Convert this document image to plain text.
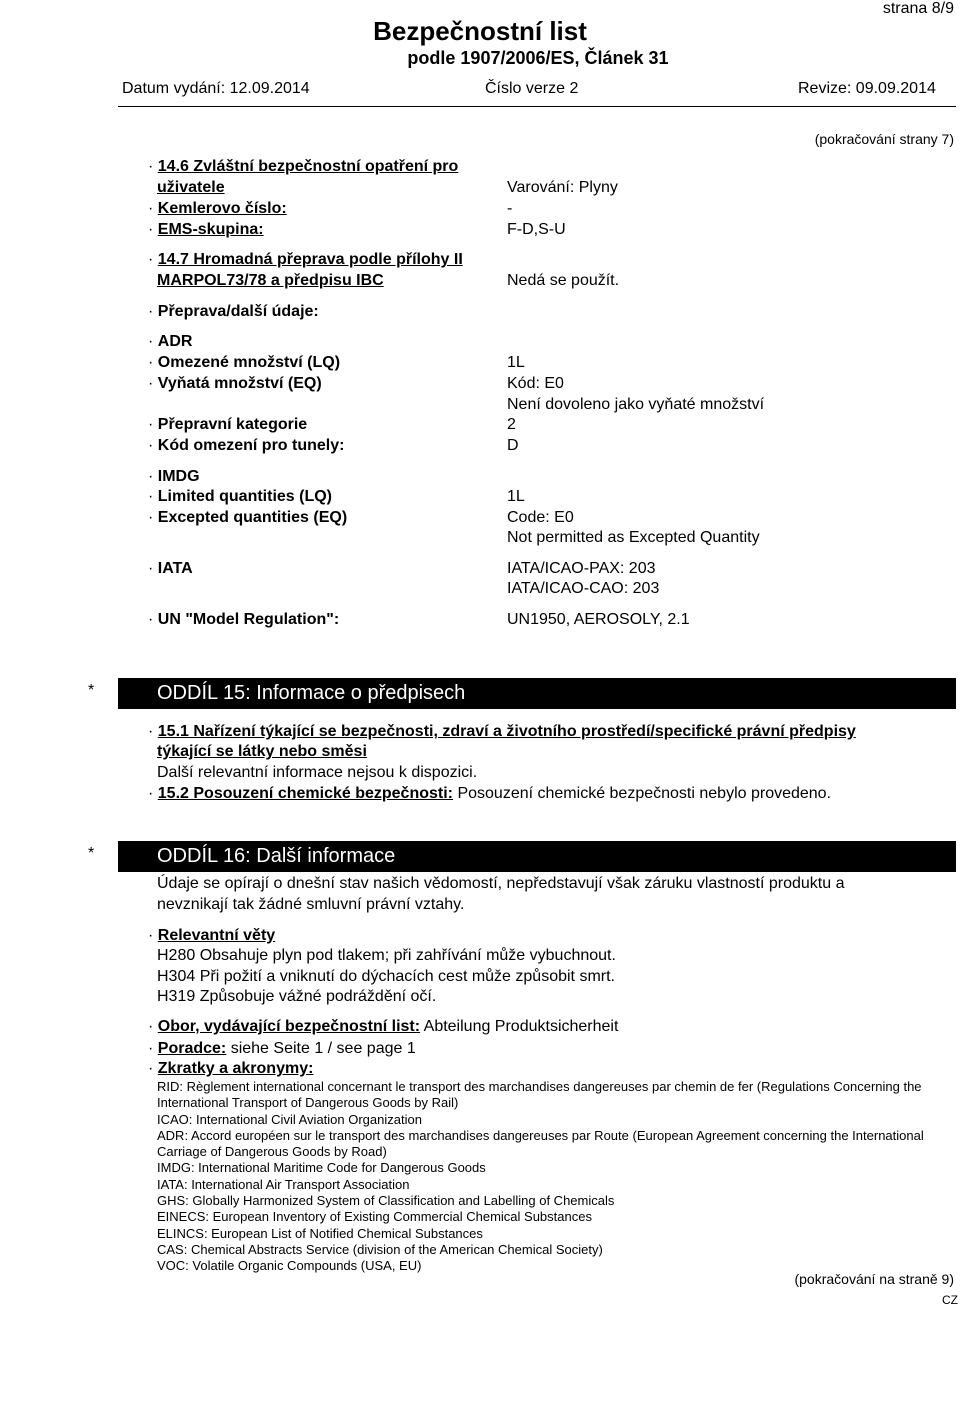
strana 8/9
Bezpečnostní list
podle 1907/2006/ES, Článek 31
Datum vydání: 12.09.2014	Číslo verze 2	Revize: 09.09.2014
(pokračování strany 7)
· 14.6 Zvláštní bezpečnostní opatření pro
uživatele	Varování: Plyny
· Kemlerovo číslo:	-
· EMS-skupina:	F-D,S-U
· 14.7 Hromadná přeprava podle přílohy II
MARPOL73/78 a předpisu IBC	Nedá se použít.
· Přeprava/další údaje:
· ADR
· Omezené množství (LQ)	1L
· Vyňatá množství (EQ)	Kód: E0
Není dovoleno jako vyňaté množství
· Přepravní kategorie	2
· Kód omezení pro tunely:	D
· IMDG
· Limited quantities (LQ)	1L
· Excepted quantities (EQ)	Code: E0
Not permitted as Excepted Quantity
· IATA	IATA/ICAO-PAX: 203
IATA/ICAO-CAO: 203
· UN "Model Regulation":	UN1950, AEROSOLY, 2.1
*	ODDÍL 15: Informace o předpisech
· 15.1 Nařízení týkající se bezpečnosti, zdraví a životního prostředí/specifické právní předpisy
týkající se látky nebo směsi
Další relevantní informace nejsou k dispozici.
· 15.2 Posouzení chemické bezpečnosti: Posouzení chemické bezpečnosti nebylo provedeno.
*	ODDÍL 16: Další informace
Údaje se opírají o dnešní stav našich vědomostí, nepředstavují však záruku vlastností produktu a
nevznikají tak žádné smluvní právní vztahy.
· Relevantní věty
H280 Obsahuje plyn pod tlakem; při zahřívání může vybuchnout.
H304 Při požití a vniknutí do dýchacích cest může způsobit smrt.
H319 Způsobuje vážné podráždění očí.
· Obor, vydávající bezpečnostní list: Abteilung Produktsicherheit
· Poradce: siehe Seite 1 / see page 1
· Zkratky a akronymy:
RID: Règlement international concernant le transport des marchandises dangereuses par chemin de fer (Regulations Concerning the International Transport of Dangerous Goods by Rail)
ICAO: International Civil Aviation Organization
ADR: Accord européen sur le transport des marchandises dangereuses par Route (European Agreement concerning the International Carriage of Dangerous Goods by Road)
IMDG: International Maritime Code for Dangerous Goods
IATA: International Air Transport Association
GHS: Globally Harmonized System of Classification and Labelling of Chemicals
EINECS: European Inventory of Existing Commercial Chemical Substances
ELINCS: European List of Notified Chemical Substances
CAS: Chemical Abstracts Service (division of the American Chemical Society)
VOC: Volatile Organic Compounds (USA, EU)
(pokračování na straně 9)
CZ
